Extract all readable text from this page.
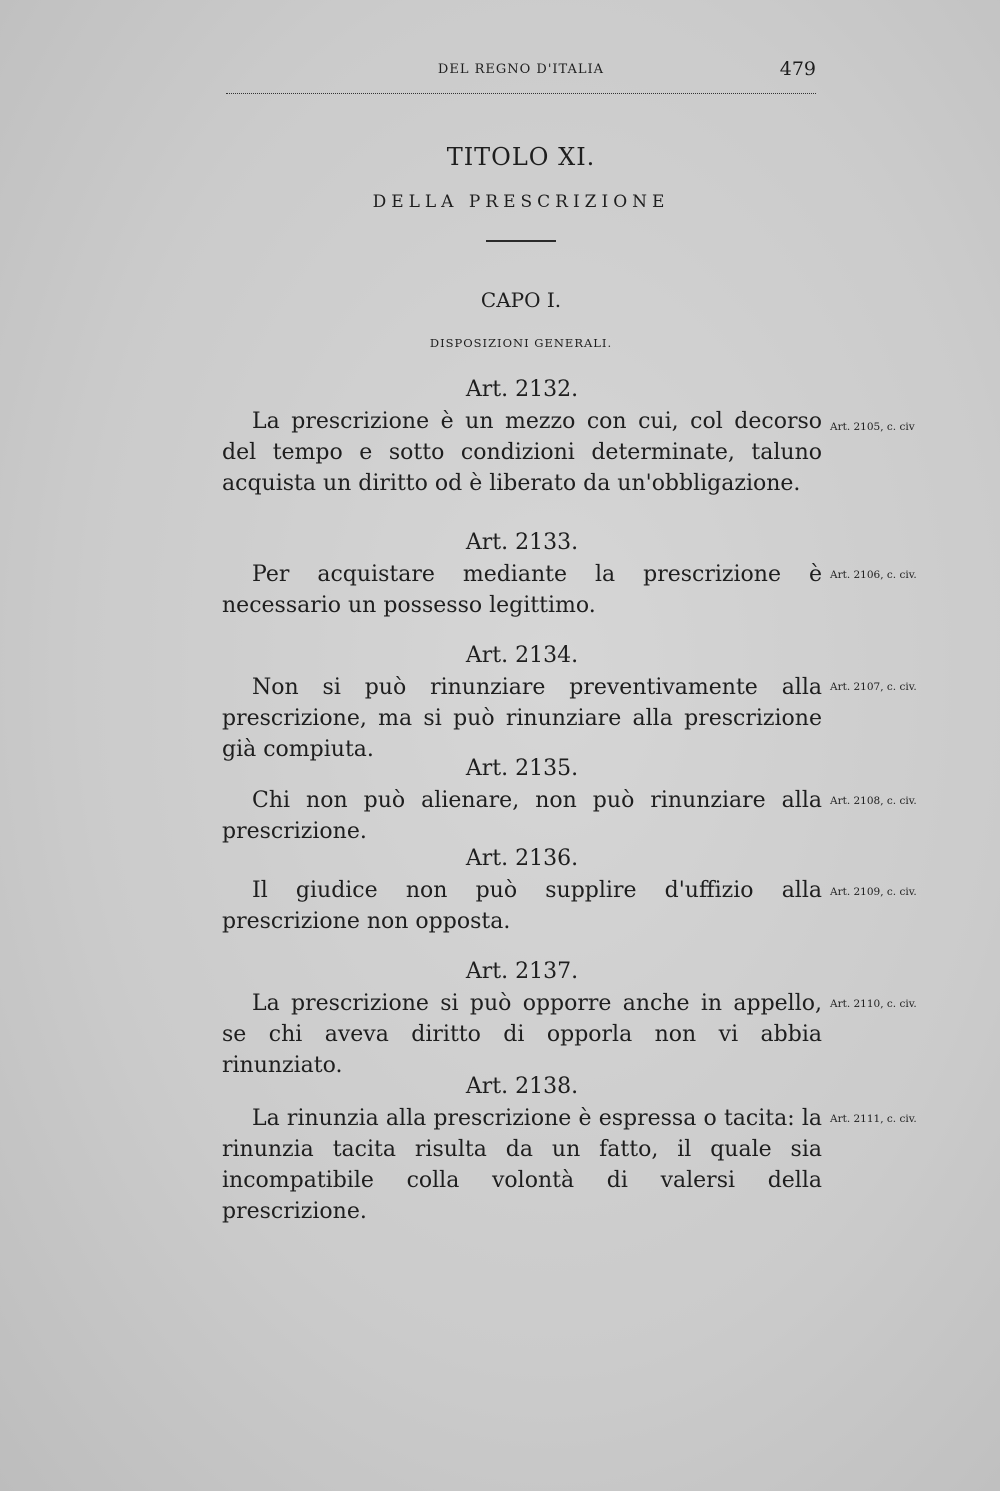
DEL REGNO D'ITALIA	479
TITOLO XI.
DELLA PRESCRIZIONE
CAPO I.
DISPOSIZIONI GENERALI.
Art. 2132.

La prescrizione è un mezzo con cui, col decorso del tempo e sotto condizioni determinate, taluno acquista un diritto od è liberato da un'obbligazione.

Art. 2105, c. civ
Art. 2133.

Per acquistare mediante la prescrizione è necessario un possesso legittimo.

Art. 2106, c. civ.
Art. 2134.

Non si può rinunziare preventivamente alla prescrizione, ma si può rinunziare alla prescrizione già compiuta.

Art. 2107, c. civ.
Art. 2135.

Chi non può alienare, non può rinunziare alla prescrizione.

Art. 2108, c. civ.
Art. 2136.

Il giudice non può supplire d'uffizio alla prescrizione non opposta.

Art. 2109, c. civ.
Art. 2137.

La prescrizione si può opporre anche in appello, se chi aveva diritto di opporla non vi abbia rinunziato.

Art. 2110, c. civ.
Art. 2138.

La rinunzia alla prescrizione è espressa o tacita: la rinunzia tacita risulta da un fatto, il quale sia incompatibile colla volontà di valersi della prescrizione.

Art. 2111, c. civ.
